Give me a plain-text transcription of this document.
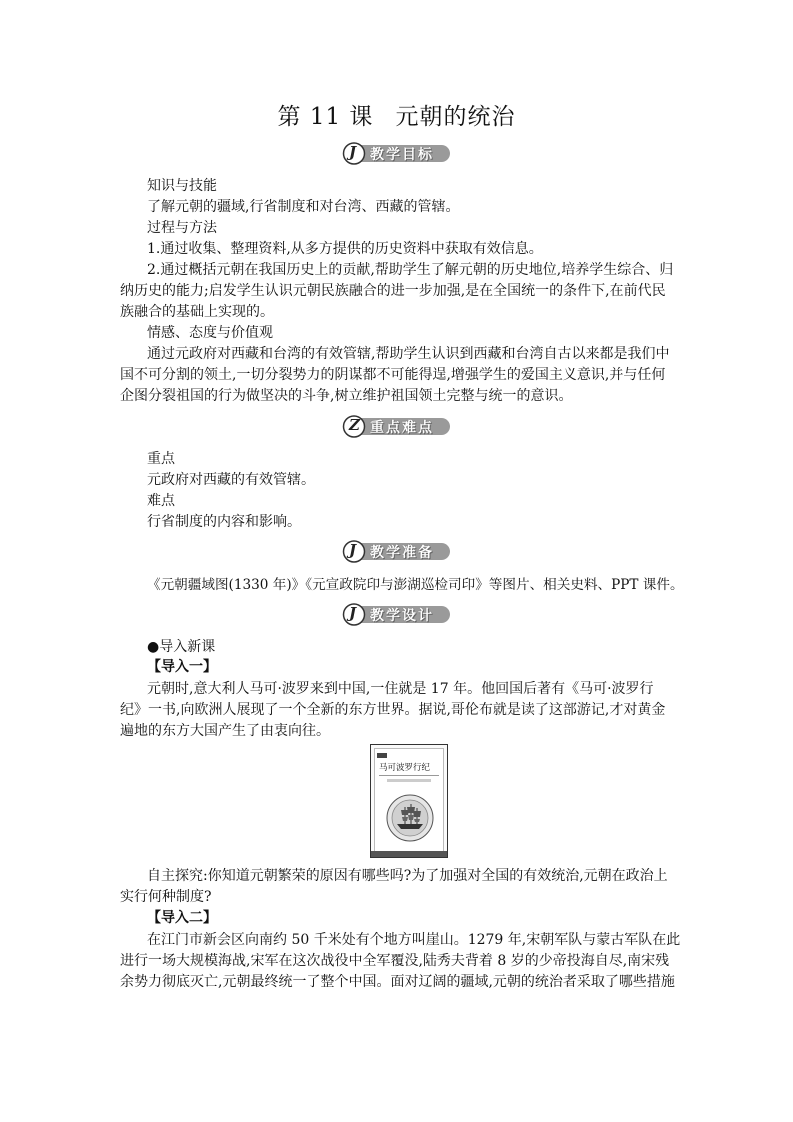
第 11 课 元朝的统治
J 教学目标
知识与技能
了解元朝的疆域,行省制度和对台湾、西藏的管辖。
过程与方法
1.通过收集、整理资料,从多方提供的历史资料中获取有效信息。
2.通过概括元朝在我国历史上的贡献,帮助学生了解元朝的历史地位,培养学生综合、归
纳历史的能力;启发学生认识元朝民族融合的进一步加强,是在全国统一的条件下,在前代民
族融合的基础上实现的。
情感、态度与价值观
通过元政府对西藏和台湾的有效管辖,帮助学生认识到西藏和台湾自古以来都是我们中
国不可分割的领土,一切分裂势力的阴谋都不可能得逞,增强学生的爱国主义意识,并与任何
企图分裂祖国的行为做坚决的斗争,树立维护祖国领土完整与统一的意识。
Z 重点难点
重点
元政府对西藏的有效管辖。
难点
行省制度的内容和影响。
J 教学准备
《元朝疆域图(1330 年)》《元宣政院印与澎湖巡检司印》等图片、相关史料、PPT 课件。
J 教学设计
●导入新课
【导入一】
元朝时,意大利人马可·波罗来到中国,一住就是 17 年。他回国后著有《马可·波罗行
纪》一书,向欧洲人展现了一个全新的东方世界。据说,哥伦布就是读了这部游记,才对黄金
遍地的东方大国产生了由衷向往。
马可波罗行纪
自主探究:你知道元朝繁荣的原因有哪些吗?为了加强对全国的有效统治,元朝在政治上
实行何种制度?
【导入二】
在江门市新会区向南约 50 千米处有个地方叫崖山。1279 年,宋朝军队与蒙古军队在此
进行一场大规模海战,宋军在这次战役中全军覆没,陆秀夫背着 8 岁的少帝投海自尽,南宋残
余势力彻底灭亡,元朝最终统一了整个中国。面对辽阔的疆域,元朝的统治者采取了哪些措施
